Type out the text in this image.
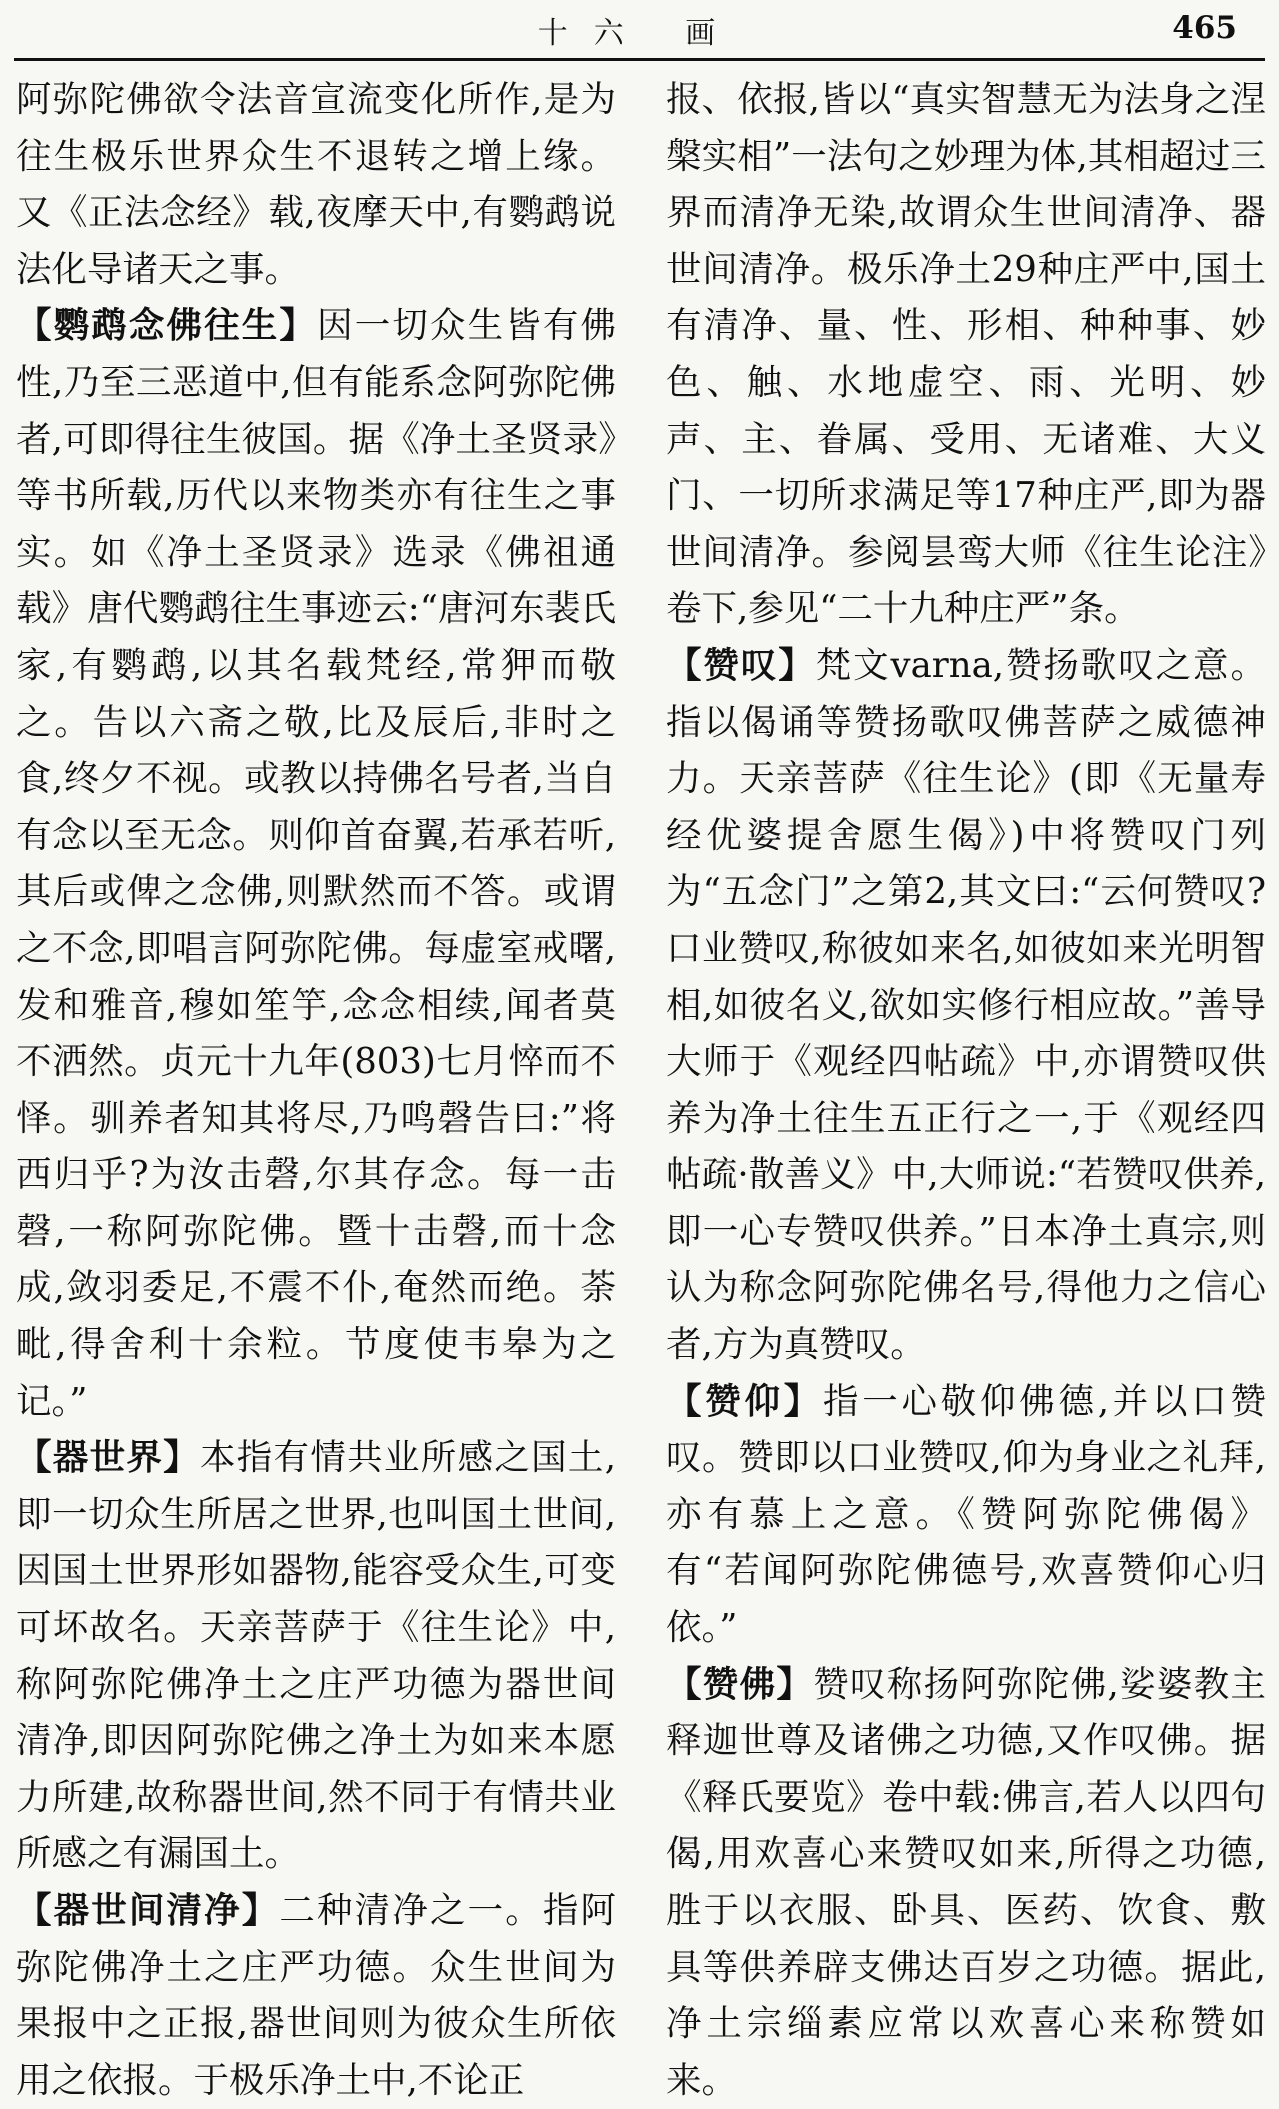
十六 画	465

阿弥陀佛欲令法音宣流变化所作,是为往生极乐世界众生不退转之增上缘。又《正法念经》载,夜摩天中,有鹦鹉说法化导诸天之事。

【鹦鹉念佛往生】因一切众生皆有佛性,乃至三恶道中,但有能系念阿弥陀佛者,可即得往生彼国。据《净土圣贤录》等书所载,历代以来物类亦有往生之事实。如《净土圣贤录》选录《佛祖通载》唐代鹦鹉往生事迹云:“唐河东裴氏家,有鹦鹉,以其名载梵经,常狎而敬之。告以六斋之敬,比及辰后,非时之食,终夕不视。或教以持佛名号者,当自有念以至无念。则仰首奋翼,若承若听,其后或俾之念佛,则默然而不答。或谓之不念,即唱言阿弥陀佛。每虚室戒曙,发和雅音,穆如笙竽,念念相续,闻者莫不洒然。贞元十九年(803)七月悴而不怿。驯养者知其将尽,乃鸣磬告曰:”将西归乎?为汝击磬,尔其存念。每一击磬,一称阿弥陀佛。暨十击磬,而十念成,敛羽委足,不震不仆,奄然而绝。荼毗,得舍利十余粒。节度使韦皋为之记。”

【器世界】本指有情共业所感之国土,即一切众生所居之世界,也叫国土世间,因国土世界形如器物,能容受众生,可变可坏故名。天亲菩萨于《往生论》中,称阿弥陀佛净土之庄严功德为器世间清净,即因阿弥陀佛之净土为如来本愿力所建,故称器世间,然不同于有情共业所感之有漏国土。

【器世间清净】二种清净之一。指阿弥陀佛净土之庄严功德。众生世间为果报中之正报,器世间则为彼众生所依用之依报。于极乐净土中,不论正

报、依报,皆以“真实智慧无为法身之涅槃实相”一法句之妙理为体,其相超过三界而清净无染,故谓众生世间清净、器世间清净。极乐净土29种庄严中,国土有清净、量、性、形相、种种事、妙色、触、水地虚空、雨、光明、妙声、主、眷属、受用、无诸难、大义门、一切所求满足等17种庄严,即为器世间清净。参阅昙鸾大师《往生论注》卷下,参见“二十九种庄严”条。

【赞叹】梵文varna,赞扬歌叹之意。指以偈诵等赞扬歌叹佛菩萨之威德神力。天亲菩萨《往生论》(即《无量寿经优婆提舍愿生偈》)中将赞叹门列为“五念门”之第2,其文曰:“云何赞叹?口业赞叹,称彼如来名,如彼如来光明智相,如彼名义,欲如实修行相应故。”善导大师于《观经四帖疏》中,亦谓赞叹供养为净土往生五正行之一,于《观经四帖疏·散善义》中,大师说:“若赞叹供养,即一心专赞叹供养。”日本净土真宗,则认为称念阿弥陀佛名号,得他力之信心者,方为真赞叹。

【赞仰】指一心敬仰佛德,并以口赞叹。赞即以口业赞叹,仰为身业之礼拜,亦有慕上之意。《赞阿弥陀佛偈》有“若闻阿弥陀佛德号,欢喜赞仰心归依。”

【赞佛】赞叹称扬阿弥陀佛,娑婆教主释迦世尊及诸佛之功德,又作叹佛。据《释氏要览》卷中载:佛言,若人以四句偈,用欢喜心来赞叹如来,所得之功德,胜于以衣服、卧具、医药、饮食、敷具等供养辟支佛达百岁之功德。据此,净土宗缁素应常以欢喜心来称赞如来。
